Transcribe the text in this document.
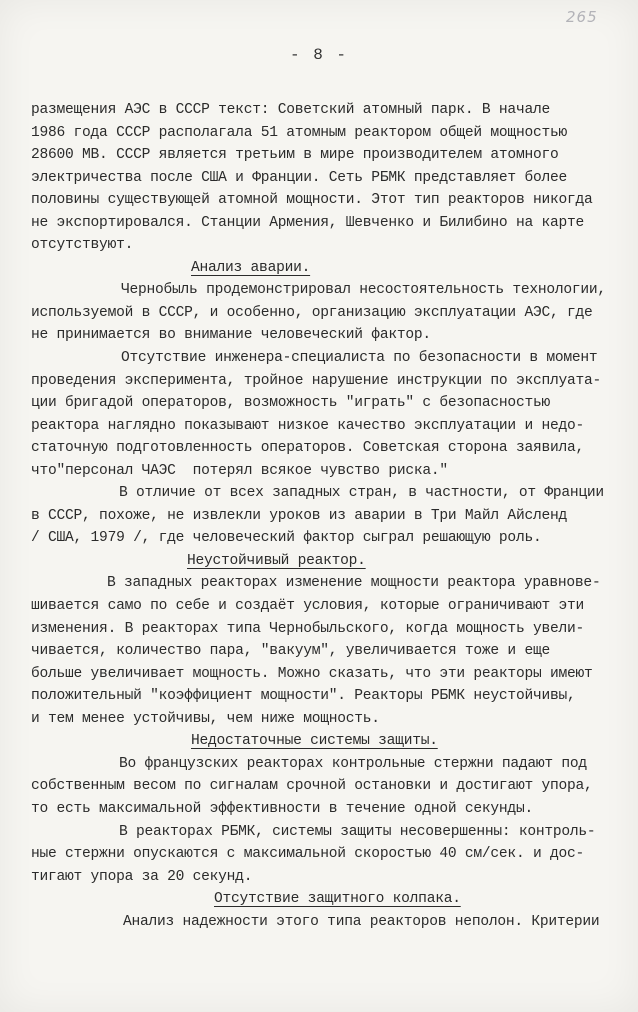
265
- 8 -
размещения АЭС в СССР текст: Советский атомный парк. В начале
1986 года СССР располагала 51 атомным реактором общей мощностью
28600 МВ. СССР является третьим в мире производителем атомного
электричества после США и Франции. Сеть РБМК представляет более
половины существующей атомной мощности. Этот тип реакторов никогда
не экспортировался. Станции Армения, Шевченко и Билибино на карте
отсутствуют.
Анализ аварии.
Чернобыль продемонстрировал несостоятельность технологии,
используемой в СССР, и особенно, организацию эксплуатации АЭС, где
не принимается во внимание человеческий фактор.
Отсутствие инженера-специалиста по безопасности в момент
проведения эксперимента, тройное нарушение инструкции по эксплуата-
ции бригадой операторов, возможность "играть" с безопасностью
реактора наглядно показывают низкое качество эксплуатации и недо-
статочную подготовленность операторов. Советская сторона заявила,
что"персонал ЧАЭС  потерял всякое чувство риска."
В отличие от всех западных стран, в частности, от Франции
в СССР, похоже, не извлекли уроков из аварии в Три Майл Айсленд
/ США, 1979 /, где человеческий фактор сыграл решающую роль.
Неустойчивый реактор.
В западных реакторах изменение мощности реактора уравнове-
шивается само по себе и создаёт условия, которые ограничивают эти
изменения. В реакторах типа Чернобыльского, когда мощность увели-
чивается, количество пара, "вакуум", увеличивается тоже и еще
больше увеличивает мощность. Можно сказать, что эти реакторы имеют
положительный "коэффициент мощности". Реакторы РБМК неустойчивы,
и тем менее устойчивы, чем ниже мощность.
Недостаточные системы защиты.
Во французских реакторах контрольные стержни падают под
собственным весом по сигналам срочной остановки и достигают упора,
то есть максимальной эффективности в течение одной секунды.
В реакторах РБМК, системы защиты несовершенны: контроль-
ные стержни опускаются с максимальной скоростью 40 см/сек. и дос-
тигают упора за 20 секунд.
Отсутствие защитного колпака.
Анализ надежности этого типа реакторов неполон. Критерии
